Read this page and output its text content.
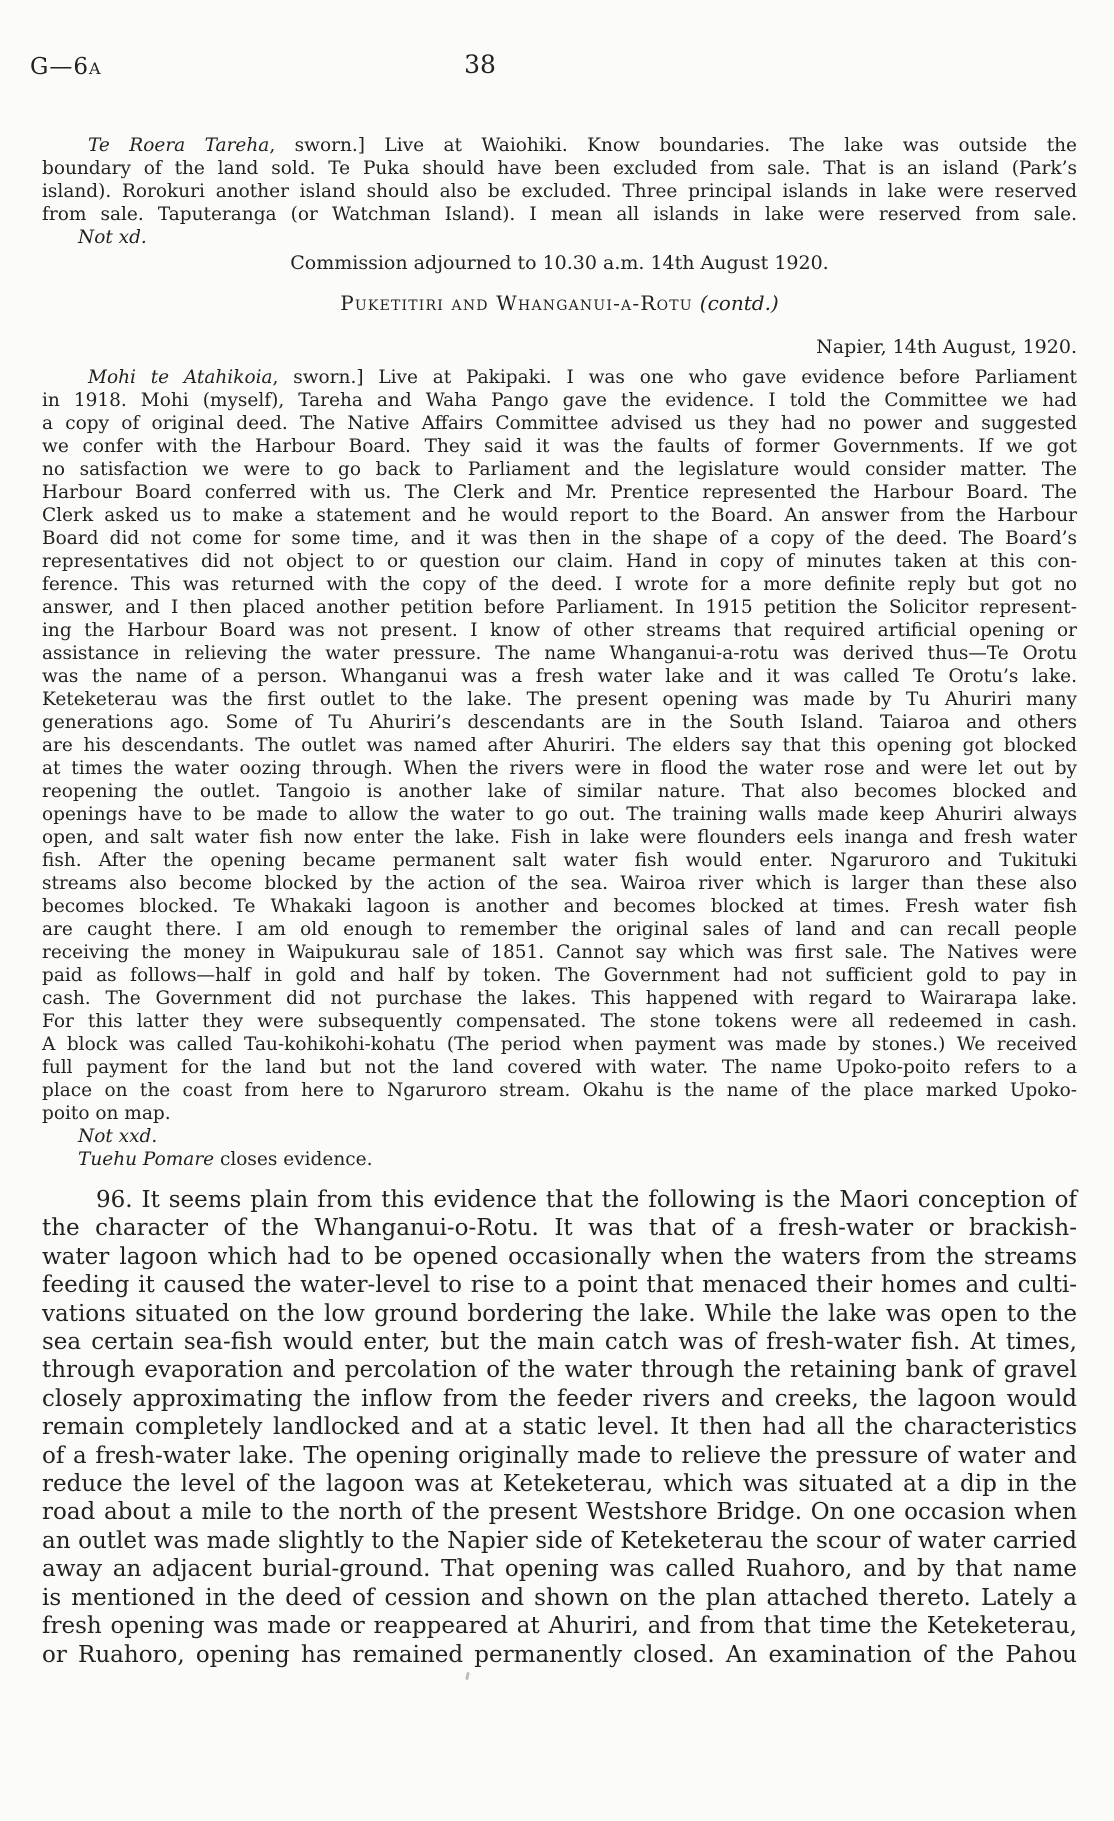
G—6A	38
Te Roera Tareha, sworn.] Live at Waiohiki. Know boundaries. The lake was outside the
boundary of the land sold. Te Puka should have been excluded from sale. That is an island (Park’s
island). Rorokuri another island should also be excluded. Three principal islands in lake were reserved
from sale. Taputeranga (or Watchman Island). I mean all islands in lake were reserved from sale.
Not xd.
Commission adjourned to 10.30 a.m. 14th August 1920.
Puketitiri and Whanganui-a-Rotu (contd.)
Napier, 14th August, 1920.
Mohi te Atahikoia, sworn.] Live at Pakipaki. I was one who gave evidence before Parliament
in 1918. Mohi (myself), Tareha and Waha Pango gave the evidence. I told the Committee we had
a copy of original deed. The Native Affairs Committee advised us they had no power and suggested
we confer with the Harbour Board. They said it was the faults of former Governments. If we got
no satisfaction we were to go back to Parliament and the legislature would consider matter. The
Harbour Board conferred with us. The Clerk and Mr. Prentice represented the Harbour Board. The
Clerk asked us to make a statement and he would report to the Board. An answer from the Harbour
Board did not come for some time, and it was then in the shape of a copy of the deed. The Board’s
representatives did not object to or question our claim. Hand in copy of minutes taken at this con-
ference. This was returned with the copy of the deed. I wrote for a more definite reply but got no
answer, and I then placed another petition before Parliament. In 1915 petition the Solicitor represent-
ing the Harbour Board was not present. I know of other streams that required artificial opening or
assistance in relieving the water pressure. The name Whanganui-a-rotu was derived thus—Te Orotu
was the name of a person. Whanganui was a fresh water lake and it was called Te Orotu’s lake.
Keteketerau was the first outlet to the lake. The present opening was made by Tu Ahuriri many
generations ago. Some of Tu Ahuriri’s descendants are in the South Island. Taiaroa and others
are his descendants. The outlet was named after Ahuriri. The elders say that this opening got blocked
at times the water oozing through. When the rivers were in flood the water rose and were let out by
reopening the outlet. Tangoio is another lake of similar nature. That also becomes blocked and
openings have to be made to allow the water to go out. The training walls made keep Ahuriri always
open, and salt water fish now enter the lake. Fish in lake were flounders eels inanga and fresh water
fish. After the opening became permanent salt water fish would enter. Ngaruroro and Tukituki
streams also become blocked by the action of the sea. Wairoa river which is larger than these also
becomes blocked. Te Whakaki lagoon is another and becomes blocked at times. Fresh water fish
are caught there. I am old enough to remember the original sales of land and can recall people
receiving the money in Waipukurau sale of 1851. Cannot say which was first sale. The Natives were
paid as follows—half in gold and half by token. The Government had not sufficient gold to pay in
cash. The Government did not purchase the lakes. This happened with regard to Wairarapa lake.
For this latter they were subsequently compensated. The stone tokens were all redeemed in cash.
A block was called Tau-kohikohi-kohatu (The period when payment was made by stones.) We received
full payment for the land but not the land covered with water. The name Upoko-poito refers to a
place on the coast from here to Ngaruroro stream. Okahu is the name of the place marked Upoko-
poito on map.
Not xxd.
Tuehu Pomare closes evidence.
96. It seems plain from this evidence that the following is the Maori conception of
the character of the Whanganui-o-Rotu. It was that of a fresh-water or brackish-
water lagoon which had to be opened occasionally when the waters from the streams
feeding it caused the water-level to rise to a point that menaced their homes and culti-
vations situated on the low ground bordering the lake. While the lake was open to the
sea certain sea-fish would enter, but the main catch was of fresh-water fish. At times,
through evaporation and percolation of the water through the retaining bank of gravel
closely approximating the inflow from the feeder rivers and creeks, the lagoon would
remain completely landlocked and at a static level. It then had all the characteristics
of a fresh-water lake. The opening originally made to relieve the pressure of water and
reduce the level of the lagoon was at Keteketerau, which was situated at a dip in the
road about a mile to the north of the present Westshore Bridge. On one occasion when
an outlet was made slightly to the Napier side of Keteketerau the scour of water carried
away an adjacent burial-ground. That opening was called Ruahoro, and by that name
is mentioned in the deed of cession and shown on the plan attached thereto. Lately a
fresh opening was made or reappeared at Ahuriri, and from that time the Keteketerau,
or Ruahoro, opening has remained permanently closed. An examination of the Pahou
